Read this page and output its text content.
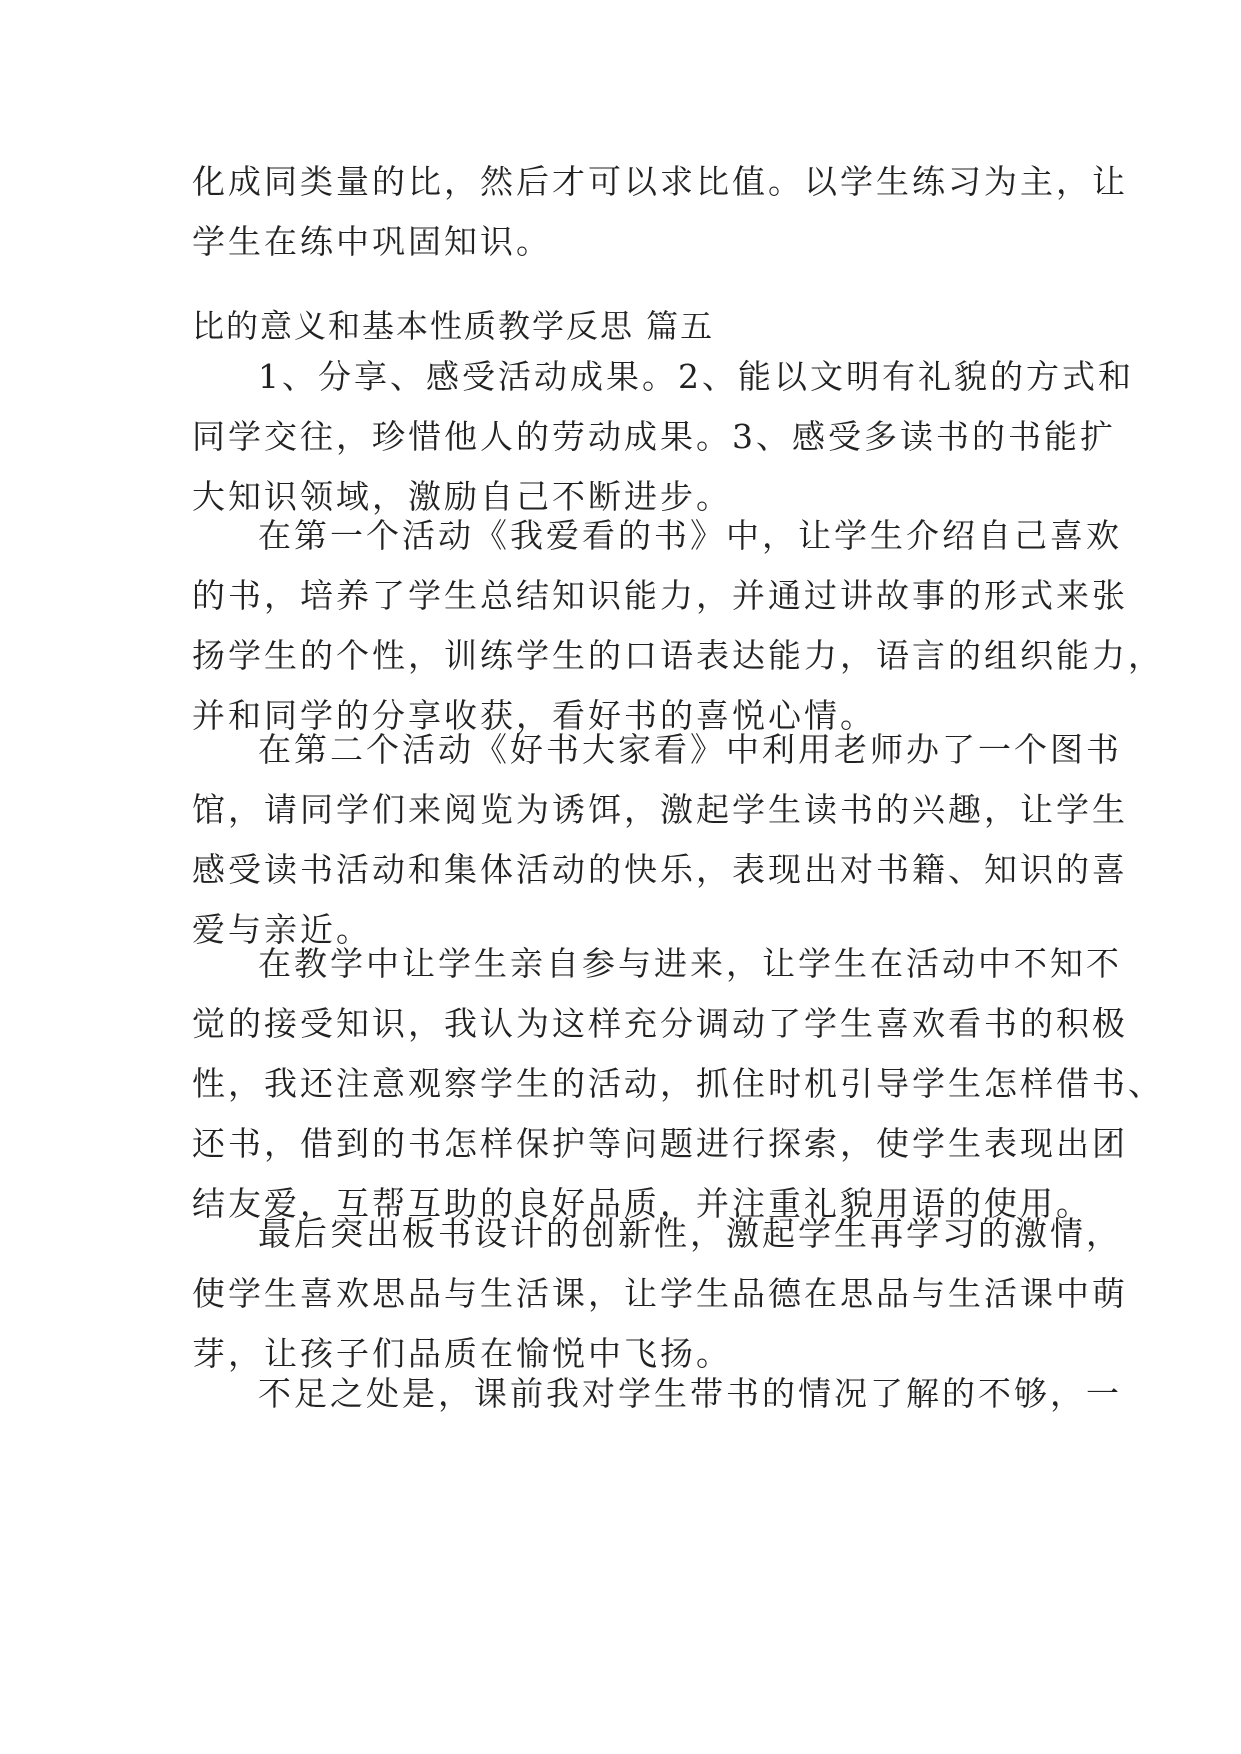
化成同类量的比，然后才可以求比值。以学生练习为主，让
学生在练中巩固知识。

比的意义和基本性质教学反思 篇五

1、分享、感受活动成果。2、能以文明有礼貌的方式和
同学交往，珍惜他人的劳动成果。3、感受多读书的书能扩
大知识领域，激励自己不断进步。

在第一个活动《我爱看的书》中，让学生介绍自己喜欢
的书，培养了学生总结知识能力，并通过讲故事的形式来张
扬学生的个性，训练学生的口语表达能力，语言的组织能力，
并和同学的分享收获，看好书的喜悦心情。

在第二个活动《好书大家看》中利用老师办了一个图书
馆，请同学们来阅览为诱饵，激起学生读书的兴趣，让学生
感受读书活动和集体活动的快乐，表现出对书籍、知识的喜
爱与亲近。

在教学中让学生亲自参与进来，让学生在活动中不知不
觉的接受知识，我认为这样充分调动了学生喜欢看书的积极
性，我还注意观察学生的活动，抓住时机引导学生怎样借书、
还书，借到的书怎样保护等问题进行探索，使学生表现出团
结友爱，互帮互助的良好品质，并注重礼貌用语的使用。

最后突出板书设计的创新性，激起学生再学习的激情，
使学生喜欢思品与生活课，让学生品德在思品与生活课中萌
芽，让孩子们品质在愉悦中飞扬。

不足之处是，课前我对学生带书的情况了解的不够，一
